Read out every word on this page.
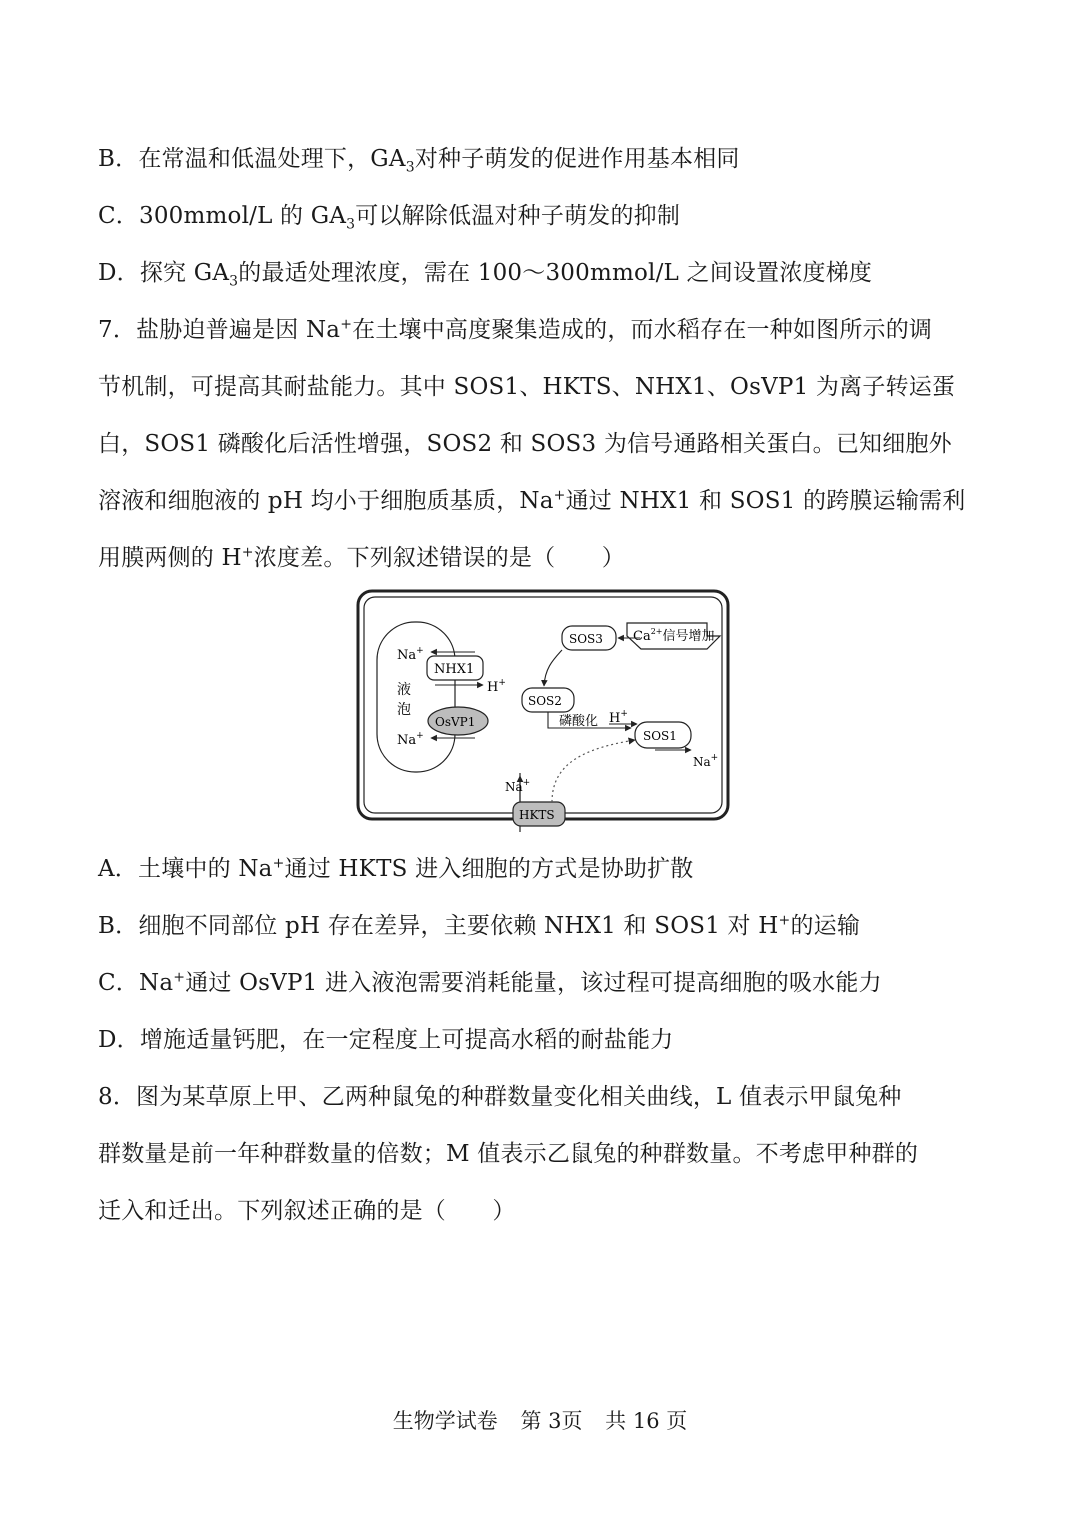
B．在常温和低温处理下，$GA_3$对种子萌发的促进作用基本相同
C．300mmol/L 的 $GA_3$可以解除低温对种子萌发的抑制
D．探究 $GA_3$的最适处理浓度，需在 100～300mmol/L 之间设置浓度梯度
7．盐胁迫普遍是因 Na+在土壤中高度聚集造成的，而水稻存在一种如图所示的调
节机制，可提高其耐盐能力。其中 SOS1、HKTS、NHX1、OsVP1 为离子转运蛋
白，SOS1 磷酸化后活性增强，SOS2 和 SOS3 为信号通路相关蛋白。已知细胞外
溶液和细胞液的 pH 均小于细胞质基质，Na+通过 NHX1 和 SOS1 的跨膜运输需利
用膜两侧的 H+浓度差。下列叙述错误的是（　　）
液
泡
NHX1
Na+
H+
OsVP1
Na+
SOS3 $Ca^{2+}$信号增加
SOS2
磷酸化 H+
SOS1
Na+
Na+
HKTS
A．土壤中的 Na+通过 HKTS 进入细胞的方式是协助扩散
B．细胞不同部位 pH 存在差异，主要依赖 NHX1 和 SOS1 对 H+的运输
C．Na+通过 OsVP1 进入液泡需要消耗能量，该过程可提高细胞的吸水能力
D．增施适量钙肥，在一定程度上可提高水稻的耐盐能力
8．图为某草原上甲、乙两种鼠兔的种群数量变化相关曲线，L 值表示甲鼠兔种
群数量是前一年种群数量的倍数；M 值表示乙鼠兔的种群数量。不考虑甲种群的
迁入和迁出。下列叙述正确的是（　　）
生物学试卷 第 3页 共 16 页
